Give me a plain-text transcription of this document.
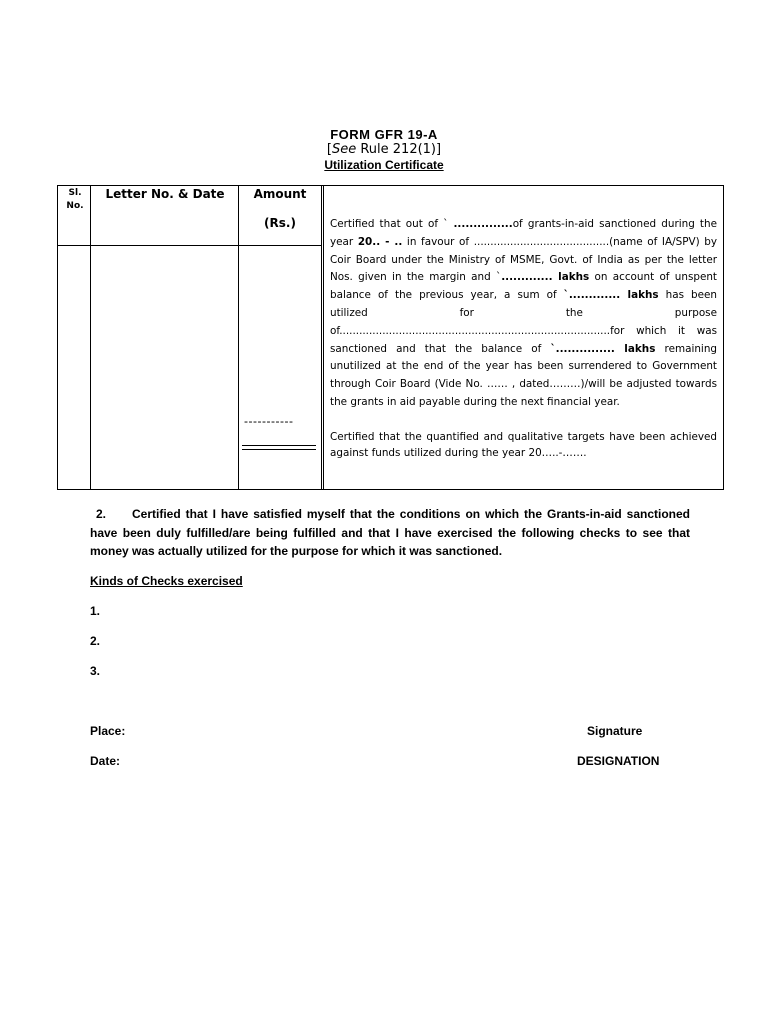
FORM GFR 19-A
[See Rule 212(1)]
Utilization Certificate
Sl.
No.
Letter No. & Date	Amount
(Rs.)
-----------

Certified that out of ` ...............of grants-in-aid sanctioned during the year 20.. - .. in favour of .........................................(name of IA/SPV) by Coir Board under the Ministry of MSME, Govt. of India as per the letter Nos. given in the margin and `............. lakhs on account of unspent balance of the previous year, a sum of `............. lakhs has been utilized for the purpose of..................................................................................for which it was sanctioned and that the balance of `............... lakhs remaining unutilized at the end of the year has been surrendered to Government through Coir Board (Vide No. …… , dated………)/will be adjusted towards the grants in aid payable during the next financial year.

Certified that the quantified and qualitative targets have been achieved against funds utilized during the year 20…..-…….
2. Certified that I have satisfied myself that the conditions on which the Grants-in-aid sanctioned have been duly fulfilled/are being fulfilled and that I have exercised the following checks to see that money was actually utilized for the purpose for which it was sanctioned.
Kinds of Checks exercised
1.
2.
3.
Place:
Date:
Signature
DESIGNATION
